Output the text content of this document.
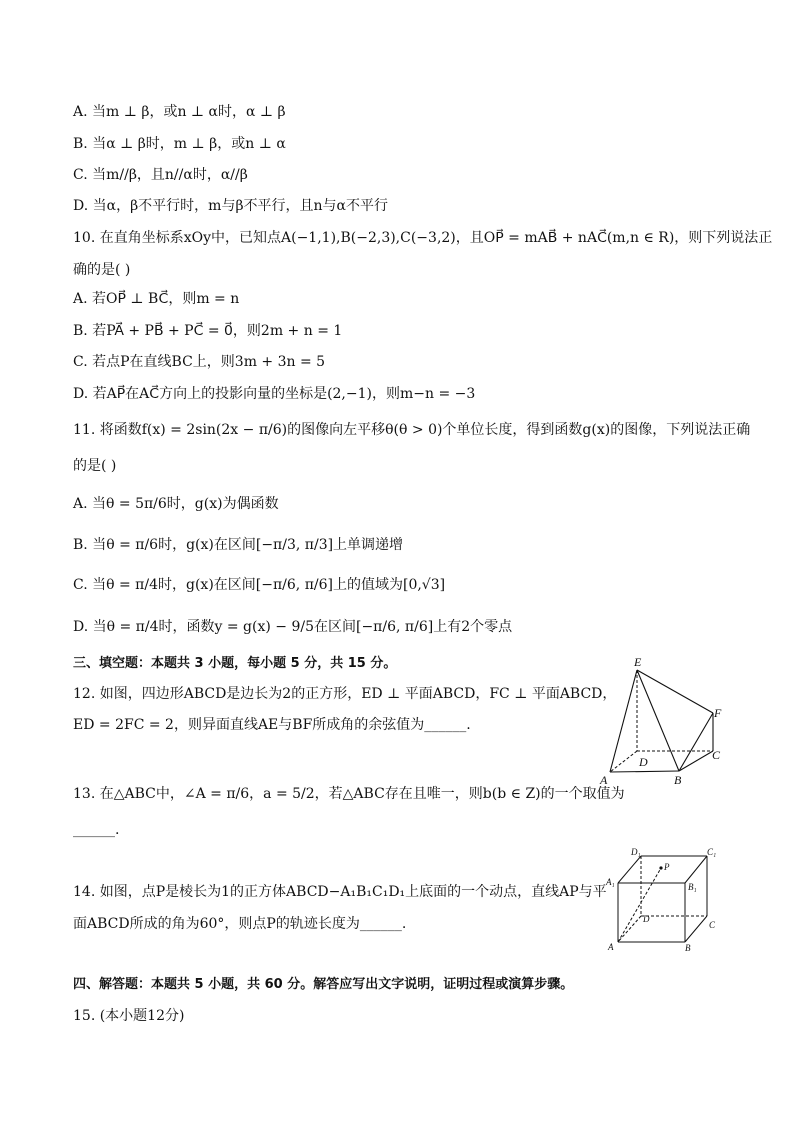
A. 当m ⊥ β，或n ⊥ α时，α ⊥ β
B. 当α ⊥ β时，m ⊥ β，或n ⊥ α
C. 当m//β，且n//α时，α//β
D. 当α，β不平行时，m与β不平行，且n与α不平行
10. 在直角坐标系xOy中，已知点A(−1,1),B(−2,3),C(−3,2)，且OP⃗ = mAB⃗ + nAC⃗(m,n ∈ R)，则下列说法正
确的是( )
A. 若OP⃗ ⊥ BC⃗，则m = n
B. 若PA⃗ + PB⃗ + PC⃗ = 0⃗，则2m + n = 1
C. 若点P在直线BC上，则3m + 3n = 5
D. 若AP⃗在AC⃗方向上的投影向量的坐标是(2,−1)，则m−n = −3
11. 将函数f(x) = 2sin(2x − π/6)的图像向左平移θ(θ > 0)个单位长度，得到函数g(x)的图像，下列说法正确
的是( )
A. 当θ = 5π/6时，g(x)为偶函数
B. 当θ = π/6时，g(x)在区间[−π/3, π/3]上单调递增
C. 当θ = π/4时，g(x)在区间[−π/6, π/6]上的值域为[0,√3]
D. 当θ = π/4时，函数y = g(x) − 9/5在区间[−π/6, π/6]上有2个零点
三、填空题：本题共 3 小题，每小题 5 分，共 15 分。
12. 如图，四边形ABCD是边长为2的正方形，ED ⊥ 平面ABCD，FC ⊥ 平面ABCD，
ED = 2FC = 2，则异面直线AE与BF所成角的余弦值为______.
E
F
D	C
A	B
13. 在△ABC中，∠A = π/6，a = 5/2，若△ABC存在且唯一，则b(b ∈ Z)的一个取值为
______.
14. 如图，点P是棱长为1的正方体ABCD−A₁B₁C₁D₁上底面的一个动点，直线AP与平
面ABCD所成的角为60°，则点P的轨迹长度为______.
D₁	C₁
A₁	B₁
P
D
C
A	B
四、解答题：本题共 5 小题，共 60 分。解答应写出文字说明，证明过程或演算步骤。
15. (本小题12分)
